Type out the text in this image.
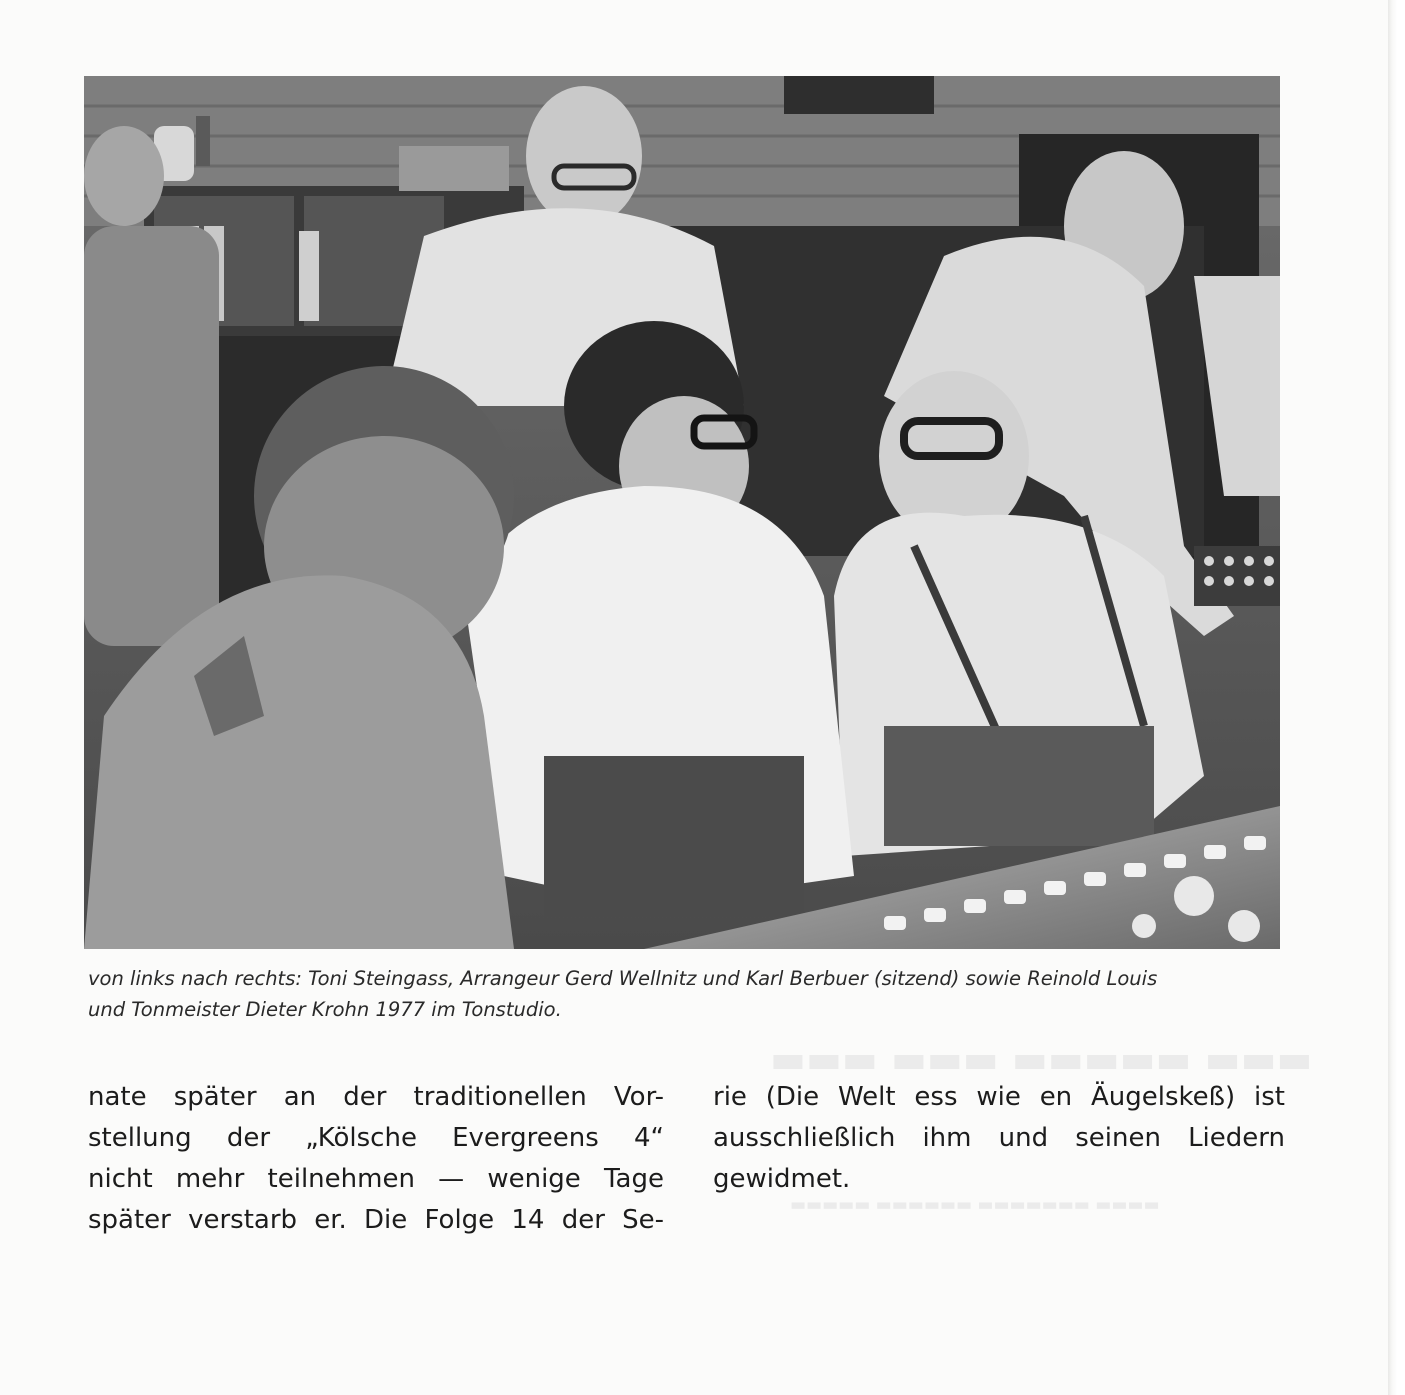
▬▬▬ ▬▬▬▬▬ ▬▬▬ ▬▬▬
▬▬▬▬ ▬▬▬▬▬▬▬ ▬▬▬▬▬▬ ▬▬▬▬▬
von links nach rechts: Toni Steingass, Arrangeur Gerd Wellnitz und Karl Berbuer (sitzend) sowie Reinold Louis
und Tonmeister Dieter Krohn 1977 im Tonstudio.
nate später an der traditionellen Vor-
stellung der „Kölsche Evergreens 4“
nicht mehr teilnehmen — wenige Tage
später verstarb er. Die Folge 14 der Se-
rie (Die Welt ess wie en Äugelskeß) ist
ausschließlich ihm und seinen Liedern
gewidmet.
